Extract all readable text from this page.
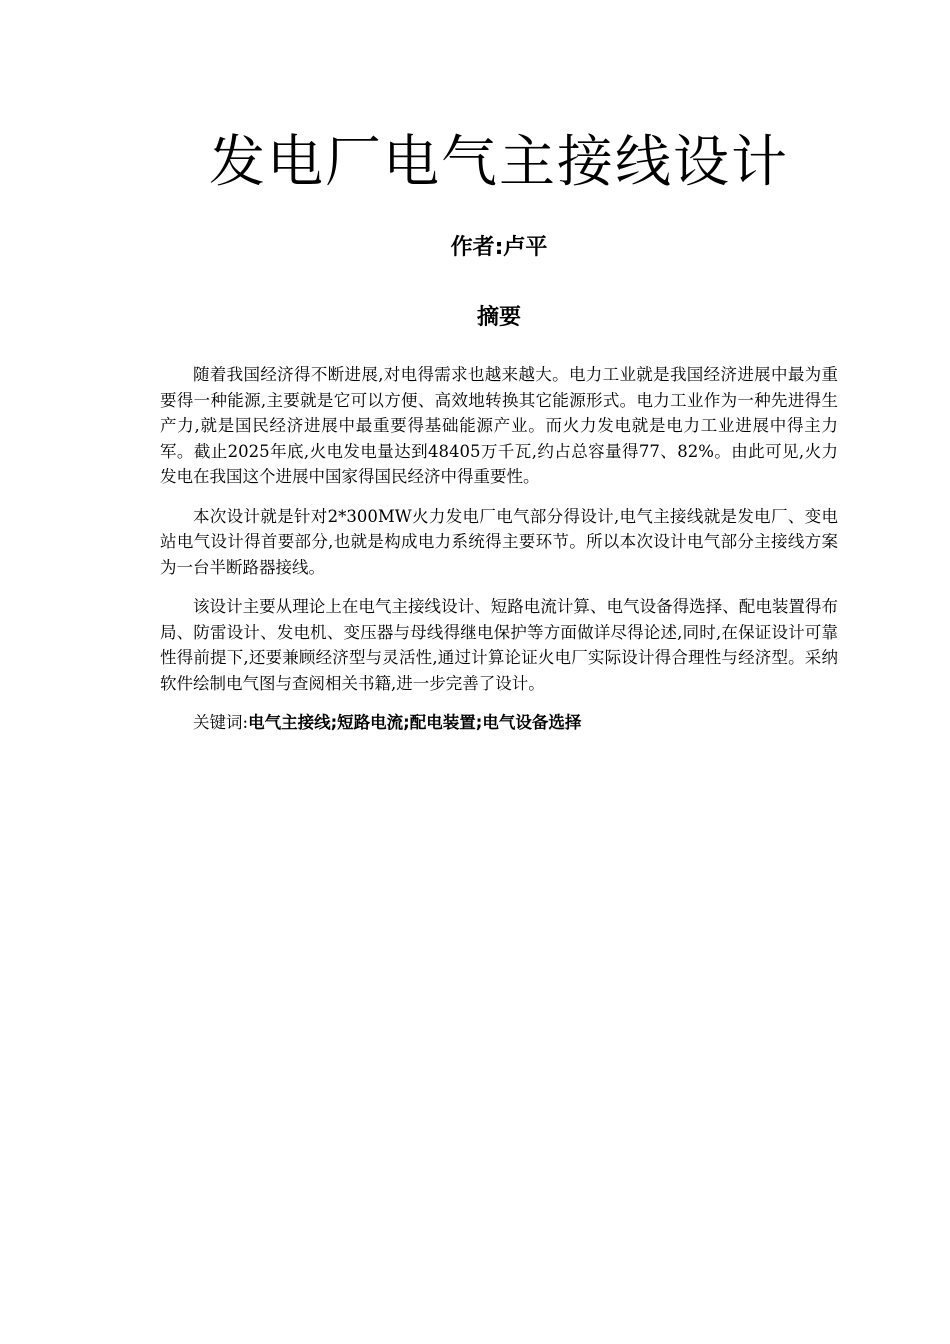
发电厂电气主接线设计
作者:卢平
摘要

随着我国经济得不断进展,对电得需求也越来越大。电力工业就是我国经济进展中最为重要得一种能源,主要就是它可以方便、高效地转换其它能源形式。电力工业作为一种先进得生产力,就是国民经济进展中最重要得基础能源产业。而火力发电就是电力工业进展中得主力军。截止2025年底,火电发电量达到48405万千瓦,约占总容量得77、82%。由此可见,火力发电在我国这个进展中国家得国民经济中得重要性。

本次设计就是针对2*300MW火力发电厂电气部分得设计,电气主接线就是发电厂、变电站电气设计得首要部分,也就是构成电力系统得主要环节。所以本次设计电气部分主接线方案为一台半断路器接线。

该设计主要从理论上在电气主接线设计、短路电流计算、电气设备得选择、配电装置得布局、防雷设计、发电机、变压器与母线得继电保护等方面做详尽得论述,同时,在保证设计可靠性得前提下,还要兼顾经济型与灵活性,通过计算论证火电厂实际设计得合理性与经济型。采纳软件绘制电气图与查阅相关书籍,进一步完善了设计。

关键词:电气主接线;短路电流;配电装置;电气设备选择
